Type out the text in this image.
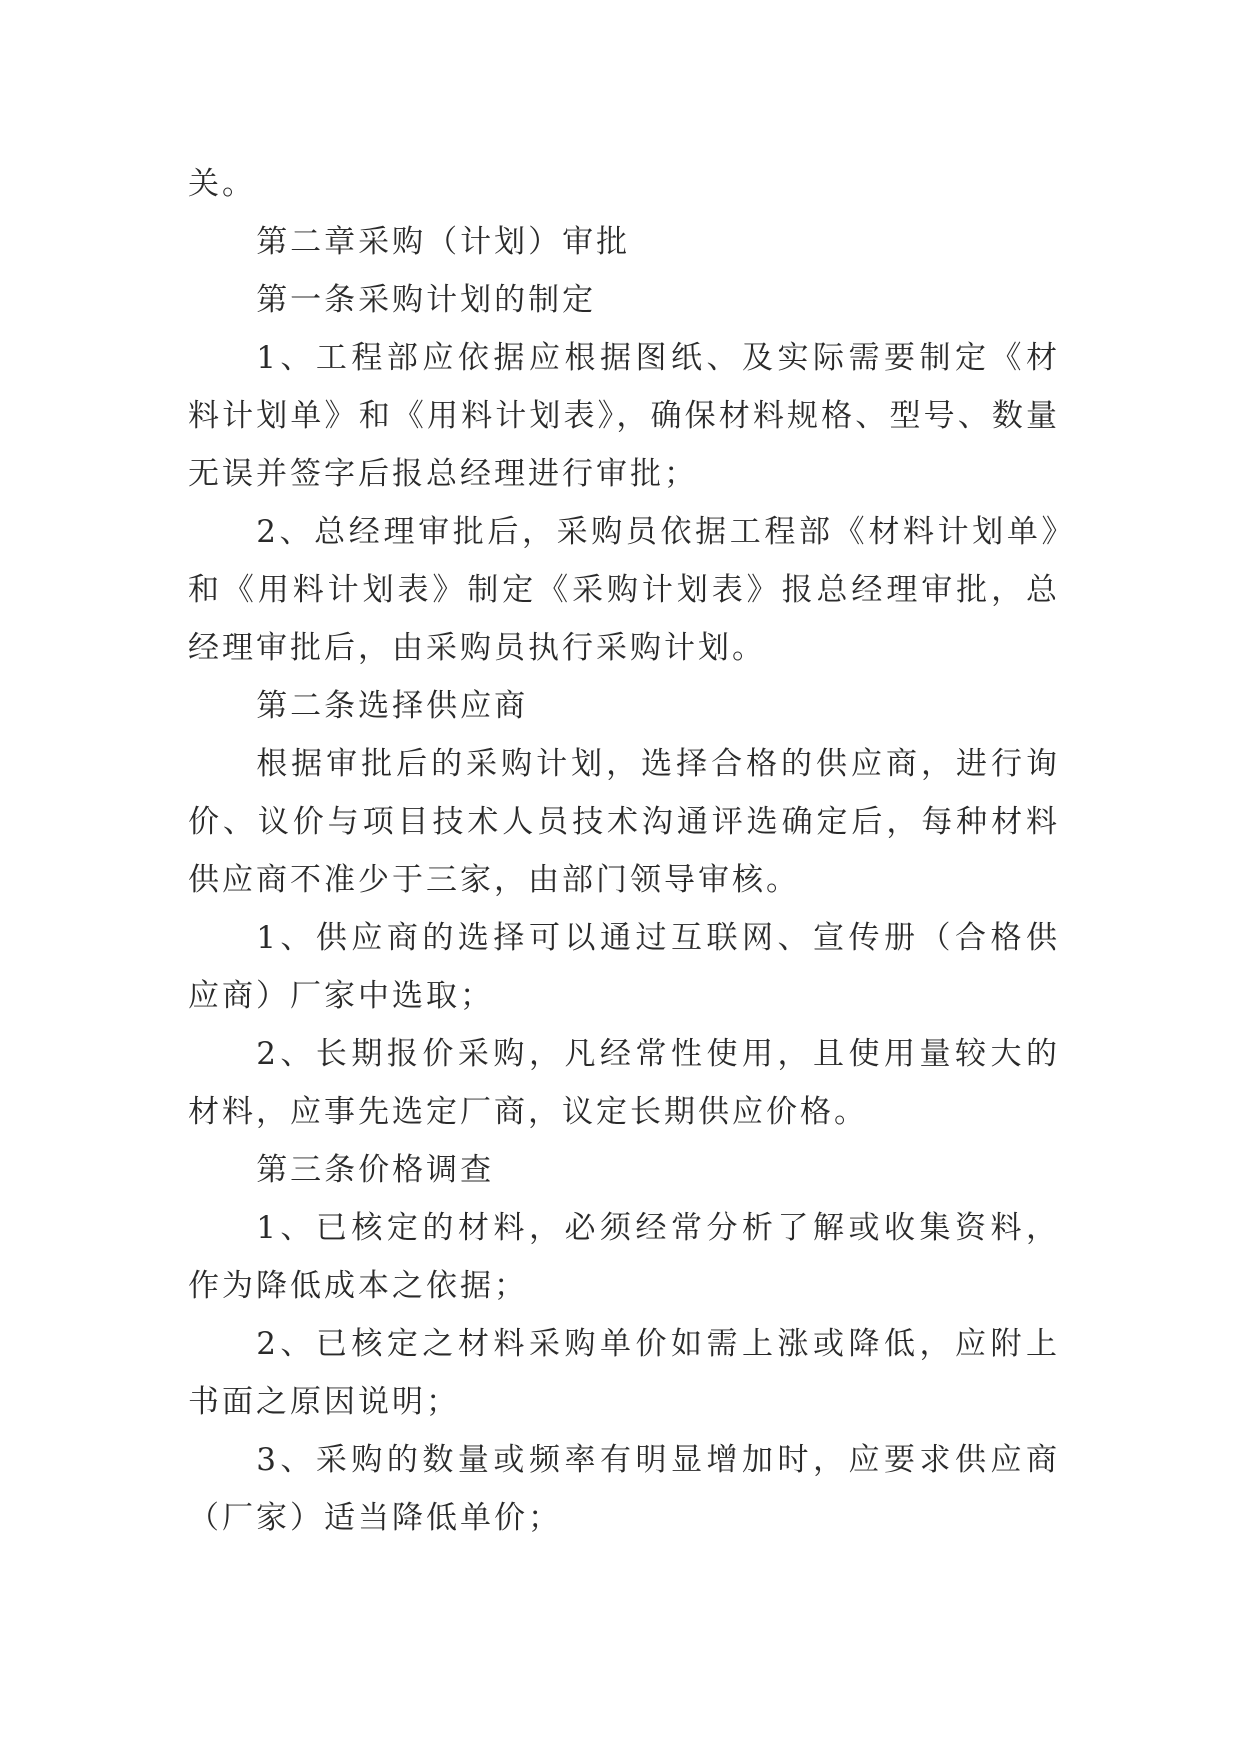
关。

第二章采购（计划）审批

第一条采购计划的制定

1、工程部应依据应根据图纸、及实际需要制定《材料计划单》和《用料计划表》，确保材料规格、型号、数量无误并签字后报总经理进行审批；

2、总经理审批后，采购员依据工程部《材料计划单》和《用料计划表》制定《采购计划表》报总经理审批，总经理审批后，由采购员执行采购计划。

第二条选择供应商

根据审批后的采购计划，选择合格的供应商，进行询价、议价与项目技术人员技术沟通评选确定后，每种材料供应商不准少于三家，由部门领导审核。

1、供应商的选择可以通过互联网、宣传册（合格供应商）厂家中选取；

2、长期报价采购，凡经常性使用，且使用量较大的材料，应事先选定厂商，议定长期供应价格。

第三条价格调查

1、已核定的材料，必须经常分析了解或收集资料，作为降低成本之依据；

2、已核定之材料采购单价如需上涨或降低，应附上书面之原因说明；

3、采购的数量或频率有明显增加时，应要求供应商（厂家）适当降低单价；
